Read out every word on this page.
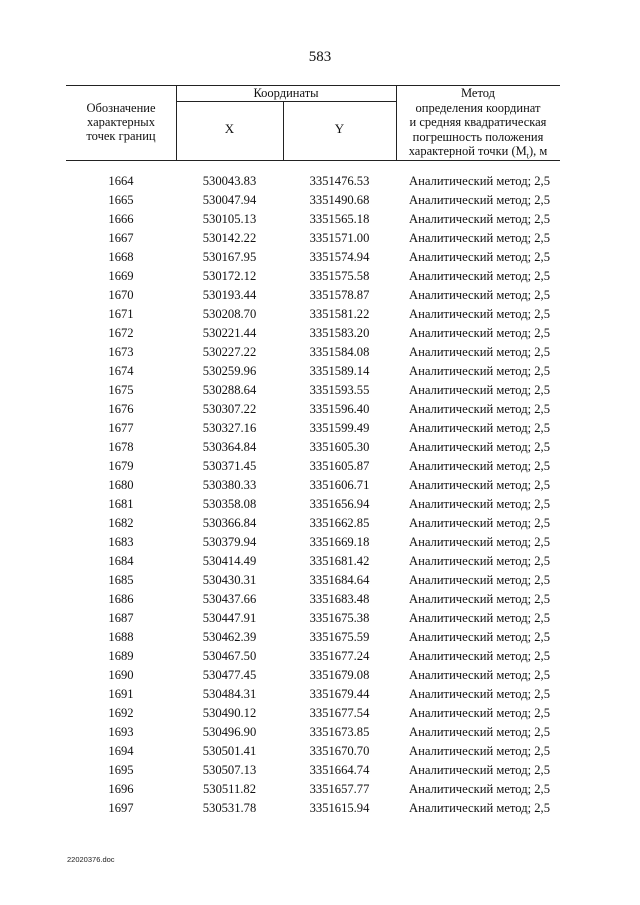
583
Обозначение
характерных
точек границ
Координаты
X	Y
Метод
определения координат
и средняя квадратическая
погрешность положения
характерной точки $(M_t)$, м
1664	530043.83	3351476.53	Аналитический метод; 2,5
1665	530047.94	3351490.68	Аналитический метод; 2,5
1666	530105.13	3351565.18	Аналитический метод; 2,5
1667	530142.22	3351571.00	Аналитический метод; 2,5
1668	530167.95	3351574.94	Аналитический метод; 2,5
1669	530172.12	3351575.58	Аналитический метод; 2,5
1670	530193.44	3351578.87	Аналитический метод; 2,5
1671	530208.70	3351581.22	Аналитический метод; 2,5
1672	530221.44	3351583.20	Аналитический метод; 2,5
1673	530227.22	3351584.08	Аналитический метод; 2,5
1674	530259.96	3351589.14	Аналитический метод; 2,5
1675	530288.64	3351593.55	Аналитический метод; 2,5
1676	530307.22	3351596.40	Аналитический метод; 2,5
1677	530327.16	3351599.49	Аналитический метод; 2,5
1678	530364.84	3351605.30	Аналитический метод; 2,5
1679	530371.45	3351605.87	Аналитический метод; 2,5
1680	530380.33	3351606.71	Аналитический метод; 2,5
1681	530358.08	3351656.94	Аналитический метод; 2,5
1682	530366.84	3351662.85	Аналитический метод; 2,5
1683	530379.94	3351669.18	Аналитический метод; 2,5
1684	530414.49	3351681.42	Аналитический метод; 2,5
1685	530430.31	3351684.64	Аналитический метод; 2,5
1686	530437.66	3351683.48	Аналитический метод; 2,5
1687	530447.91	3351675.38	Аналитический метод; 2,5
1688	530462.39	3351675.59	Аналитический метод; 2,5
1689	530467.50	3351677.24	Аналитический метод; 2,5
1690	530477.45	3351679.08	Аналитический метод; 2,5
1691	530484.31	3351679.44	Аналитический метод; 2,5
1692	530490.12	3351677.54	Аналитический метод; 2,5
1693	530496.90	3351673.85	Аналитический метод; 2,5
1694	530501.41	3351670.70	Аналитический метод; 2,5
1695	530507.13	3351664.74	Аналитический метод; 2,5
1696	530511.82	3351657.77	Аналитический метод; 2,5
1697	530531.78	3351615.94	Аналитический метод; 2,5
22020376.doc
